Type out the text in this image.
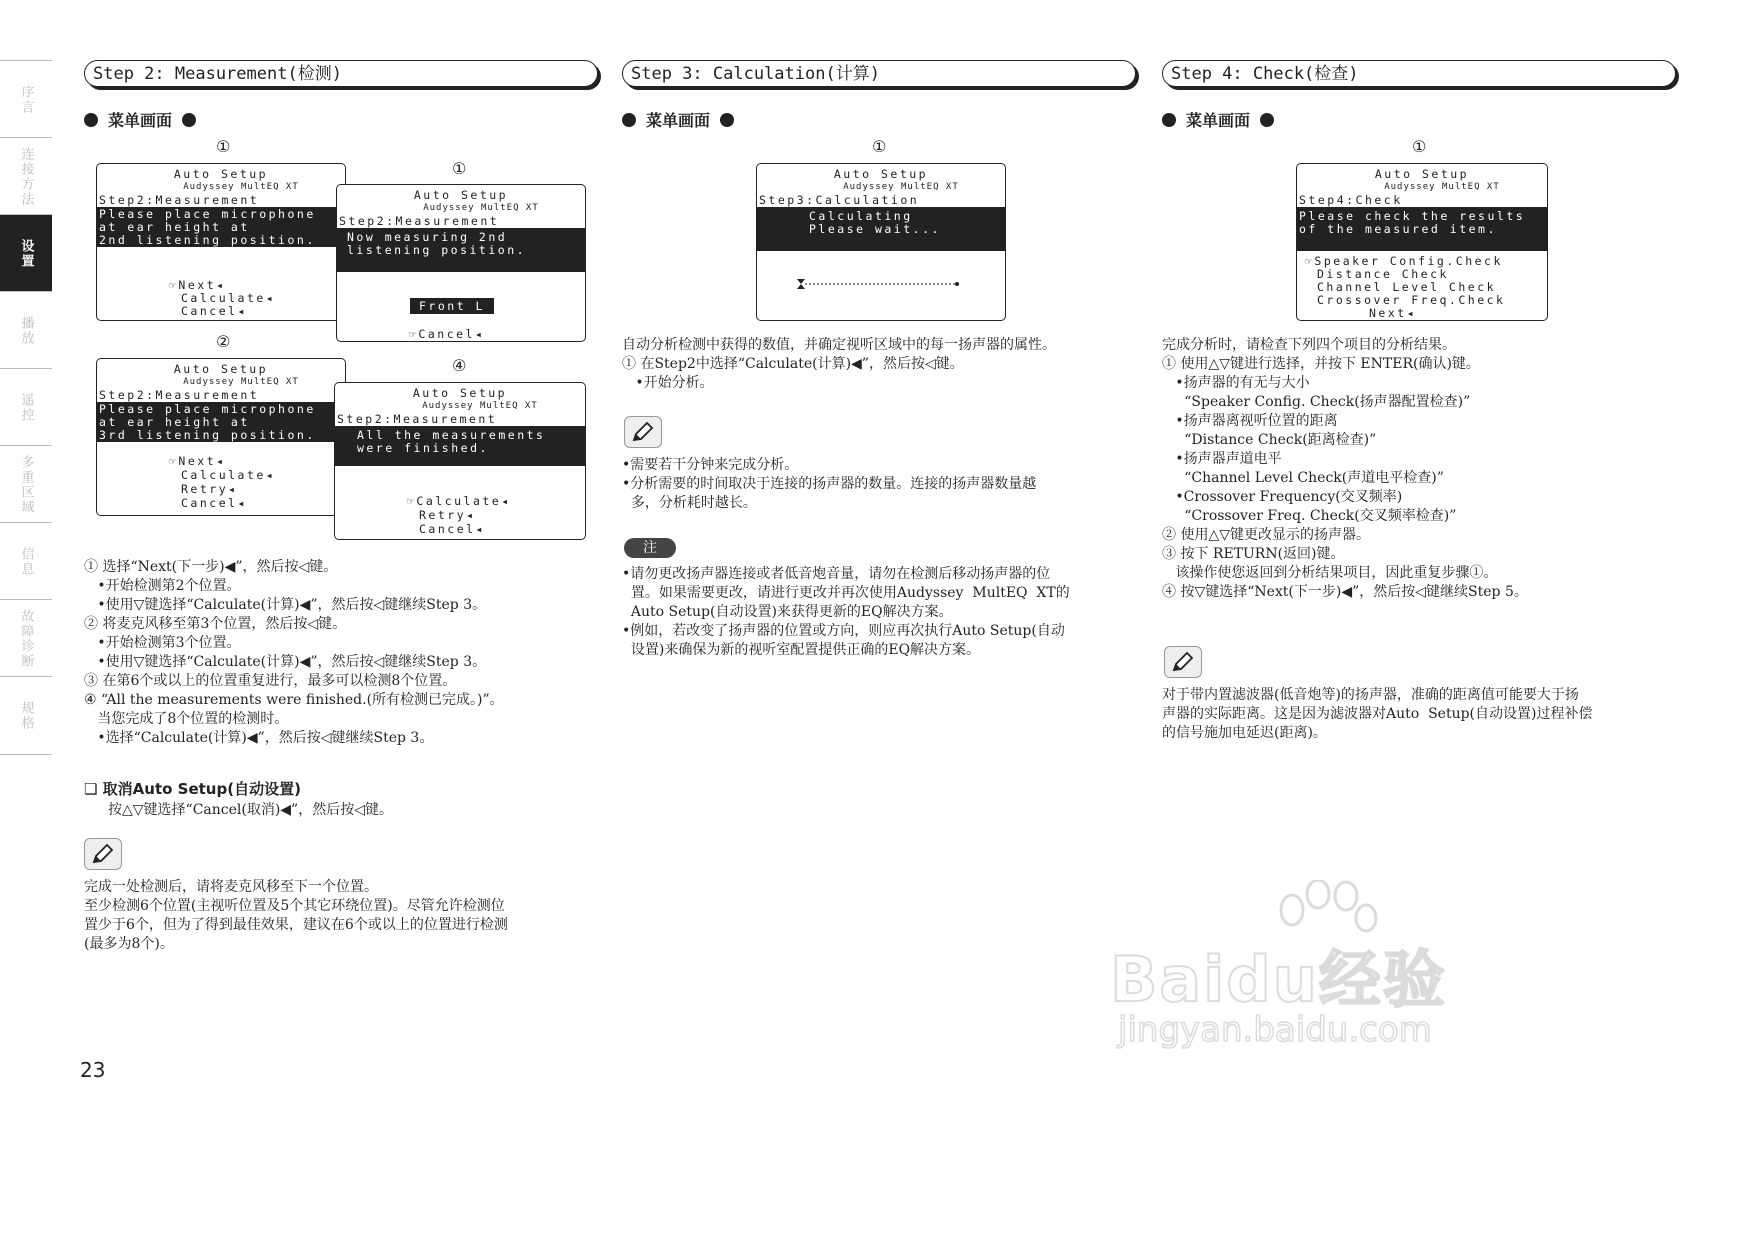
序言
连接方法
设置
播放
遥控
多重区域
信息
故障诊断
规格
Step 2: Measurement(检测)
菜单画面
①
Auto Setup
Audyssey MultEQ XT
Step2:Measurement
Please place microphone
at ear height at
2nd listening position.
☞Next◂
Calculate◂
Cancel◂
①
Auto Setup
Audyssey MultEQ XT
Step2:Measurement
Now measuring 2nd
listening position.
Front L
☞Cancel◂
②
Auto Setup
Audyssey MultEQ XT
Step2:Measurement
Please place microphone
at ear height at
3rd listening position.
☞Next◂
Calculate◂
Retry◂
Cancel◂
④
Auto Setup
Audyssey MultEQ XT
Step2:Measurement
All the measurements
were finished.
☞Calculate◂
Retry◂
Cancel◂

① 选择“Next(下一步)◀”，然后按◁键。

•开始检测第2个位置。

•使用▽键选择“Calculate(计算)◀”，然后按◁键继续Step 3。

② 将麦克风移至第3个位置，然后按◁键。

•开始检测第3个位置。

•使用▽键选择“Calculate(计算)◀”，然后按◁键继续Step 3。

③ 在第6个或以上的位置重复进行，最多可以检测8个位置。

④ “All the measurements were finished.(所有检测已完成。)”。

当您完成了8个位置的检测时。

•选择“Calculate(计算)◀”，然后按◁键继续Step 3。

❏ 取消Auto Setup(自动设置)

按△▽键选择“Cancel(取消)◀”，然后按◁键。

完成一处检测后，请将麦克风移至下一个位置。

至少检测6个位置(主视听位置及5个其它环绕位置)。尽管允许检测位

置少于6个，但为了得到最佳效果，建议在6个或以上的位置进行检测

(最多为8个)。

Step 3: Calculation(计算)
菜单画面
①
Auto Setup
Audyssey MultEQ XT
Step3:Calculation
Calculating
Please wait...

自动分析检测中获得的数值，并确定视听区域中的每一扬声器的属性。

① 在Step2中选择“Calculate(计算)◀”，然后按◁键。

•开始分析。

•需要若干分钟来完成分析。

•分析需要的时间取决于连接的扬声器的数量。连接的扬声器数量越

多，分析耗时越长。

注

•请勿更改扬声器连接或者低音炮音量，请勿在检测后移动扬声器的位

置。如果需要更改，请进行更改并再次使用Audyssey  MultEQ  XT的

Auto Setup(自动设置)来获得更新的EQ解决方案。

•例如，若改变了扬声器的位置或方向，则应再次执行Auto Setup(自动

设置)来确保为新的视听室配置提供正确的EQ解决方案。

Step 4: Check(检查)
菜单画面
①
Auto Setup
Audyssey MultEQ XT
Step4:Check
Please check the results
of the measured item.
☞Speaker Config.Check
Distance Check
Channel Level Check
Crossover Freq.Check
Next◂

完成分析时，请检查下列四个项目的分析结果。

① 使用△▽键进行选择，并按下 ENTER(确认)键。

•扬声器的有无与大小

“Speaker Config. Check(扬声器配置检查)”

•扬声器离视听位置的距离

“Distance Check(距离检查)”

•扬声器声道电平

“Channel Level Check(声道电平检查)”

•Crossover Frequency(交叉频率)

“Crossover Freq. Check(交叉频率检查)”

② 使用△▽键更改显示的扬声器。

③ 按下 RETURN(返回)键。

该操作使您返回到分析结果项目，因此重复步骤①。

④ 按▽键选择“Next(下一步)◀”，然后按◁键继续Step 5。

对于带内置滤波器(低音炮等)的扬声器，准确的距离值可能要大于扬

声器的实际距离。这是因为滤波器对Auto  Setup(自动设置)过程补偿

的信号施加电延迟(距离)。

23
Baidu经验
jingyan.baidu.com
